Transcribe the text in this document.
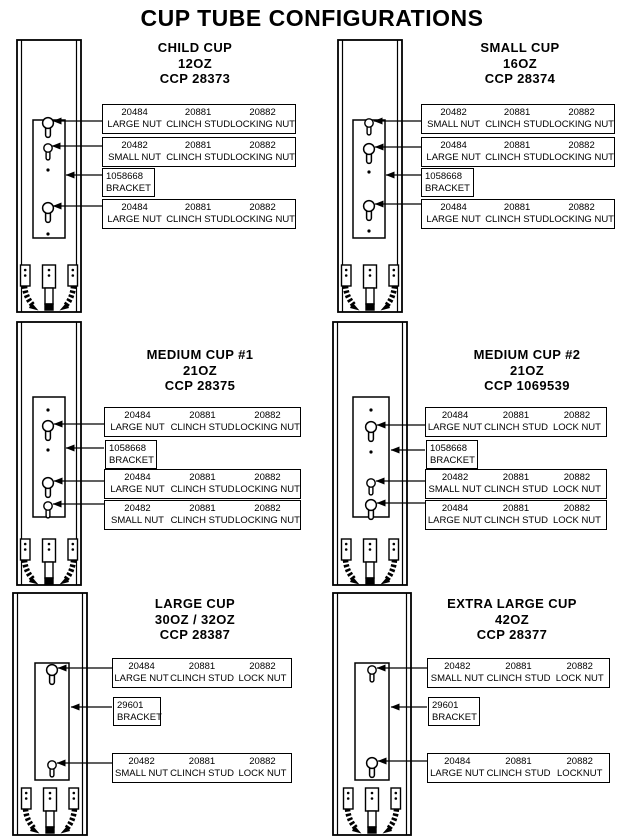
CUP TUBE CONFIGURATIONS
CHILD CUP
12OZ
CCP 28373
20484
LARGE NUT
20881
CLINCH STUD
20882
LOCKING NUT
20482
SMALL NUT
20881
CLINCH STUD
20882
LOCKING NUT
1058668
BRACKET
20484
LARGE NUT
20881
CLINCH STUD
20882
LOCKING NUT
SMALL CUP
16OZ
CCP 28374
20482
SMALL NUT
20881
CLINCH STUD
20882
LOCKING NUT
20484
LARGE NUT
20881
CLINCH STUD
20882
LOCKING NUT
1058668
BRACKET
20484
LARGE NUT
20881
CLINCH STUD
20882
LOCKING NUT
MEDIUM CUP #1
21OZ
CCP 28375
20484
LARGE NUT
20881
CLINCH STUD
20882
LOCKING NUT
1058668
BRACKET
20484
LARGE NUT
20881
CLINCH STUD
20882
LOCKING NUT
20482
SMALL NUT
20881
CLINCH STUD
20882
LOCKING NUT
MEDIUM CUP #2
21OZ
CCP 1069539
20484
LARGE NUT
20881
CLINCH STUD
20882
LOCK NUT
1058668
BRACKET
20482
SMALL NUT
20881
CLINCH STUD
20882
LOCK NUT
20484
LARGE NUT
20881
CLINCH STUD
20882
LOCK NUT
LARGE CUP
30OZ / 32OZ
CCP 28387
20484
LARGE NUT
20881
CLINCH STUD
20882
LOCK NUT
29601
BRACKET
20482
SMALL NUT
20881
CLINCH STUD
20882
LOCK NUT
EXTRA LARGE CUP
42OZ
CCP 28377
20482
SMALL NUT
20881
CLINCH STUD
20882
LOCK NUT
29601
BRACKET
20484
LARGE NUT
20881
CLINCH STUD
20882
LOCKNUT
